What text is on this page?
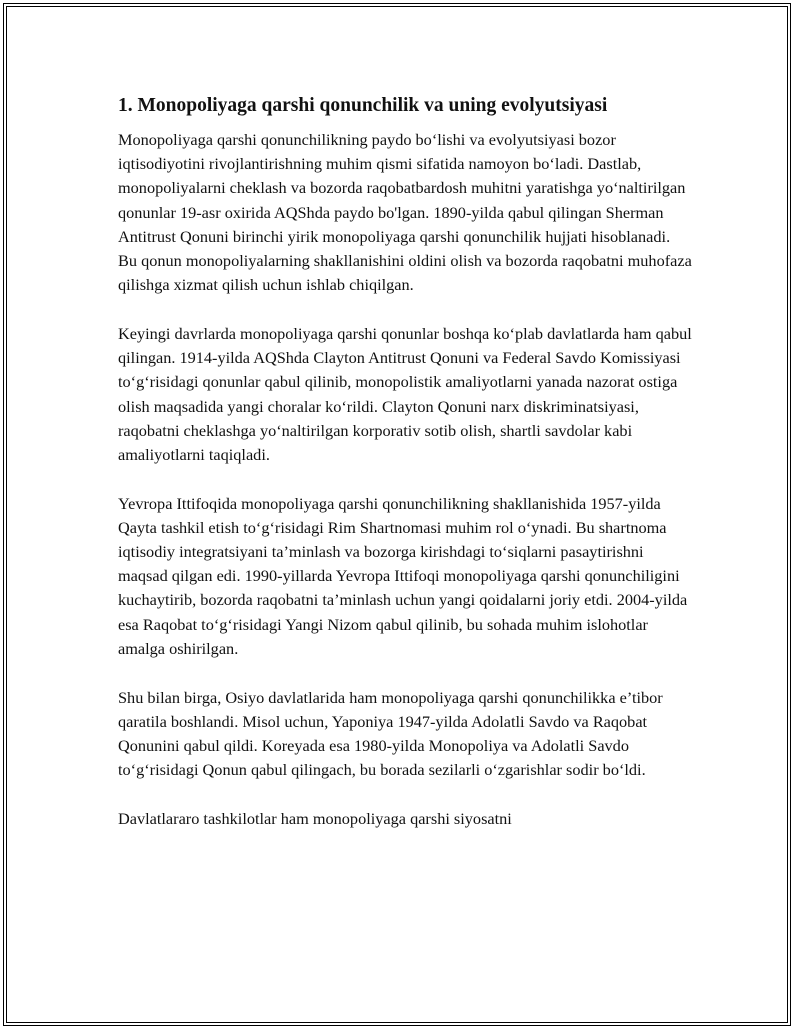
1. Monopoliyaga qarshi qonunchilik va uning evolyutsiyasi

Monopoliyaga qarshi qonunchilikning paydo bo‘lishi va evolyutsiyasi bozor iqtisodiyotini rivojlantirishning muhim qismi sifatida namoyon bo‘ladi. Dastlab, monopoliyalarni cheklash va bozorda raqobatbardosh muhitni yaratishga yo‘naltirilgan qonunlar 19-asr oxirida AQShda paydo bo'lgan. 1890-yilda qabul qilingan Sherman Antitrust Qonuni birinchi yirik monopoliyaga qarshi qonunchilik hujjati hisoblanadi. Bu qonun monopoliyalarning shakllanishini oldini olish va bozorda raqobatni muhofaza qilishga xizmat qilish uchun ishlab chiqilgan.

Keyingi davrlarda monopoliyaga qarshi qonunlar boshqa ko‘plab davlatlarda ham qabul qilingan. 1914-yilda AQShda Clayton Antitrust Qonuni va Federal Savdo Komissiyasi to‘g‘risidagi qonunlar qabul qilinib, monopolistik amaliyotlarni yanada nazorat ostiga olish maqsadida yangi choralar ko‘rildi. Clayton Qonuni narx diskriminatsiyasi, raqobatni cheklashga yo‘naltirilgan korporativ sotib olish, shartli savdolar kabi amaliyotlarni taqiqladi.

Yevropa Ittifoqida monopoliyaga qarshi qonunchilikning shakllanishida 1957-yilda Qayta tashkil etish to‘g‘risidagi Rim Shartnomasi muhim rol o‘ynadi. Bu shartnoma iqtisodiy integratsiyani ta’minlash va bozorga kirishdagi to‘siqlarni pasaytirishni maqsad qilgan edi. 1990-yillarda Yevropa Ittifoqi monopoliyaga qarshi qonunchiligini kuchaytirib, bozorda raqobatni ta’minlash uchun yangi qoidalarni joriy etdi. 2004-yilda esa Raqobat to‘g‘risidagi Yangi Nizom qabul qilinib, bu sohada muhim islohotlar amalga oshirilgan.

Shu bilan birga, Osiyo davlatlarida ham monopoliyaga qarshi qonunchilikka e’tibor qaratila boshlandi. Misol uchun, Yaponiya 1947-yilda Adolatli Savdo va Raqobat Qonunini qabul qildi. Koreyada esa 1980-yilda Monopoliya va Adolatli Savdo to‘g‘risidagi Qonun qabul qilingach, bu borada sezilarli o‘zgarishlar sodir bo‘ldi.

Davlatlararo tashkilotlar ham monopoliyaga qarshi siyosatni
